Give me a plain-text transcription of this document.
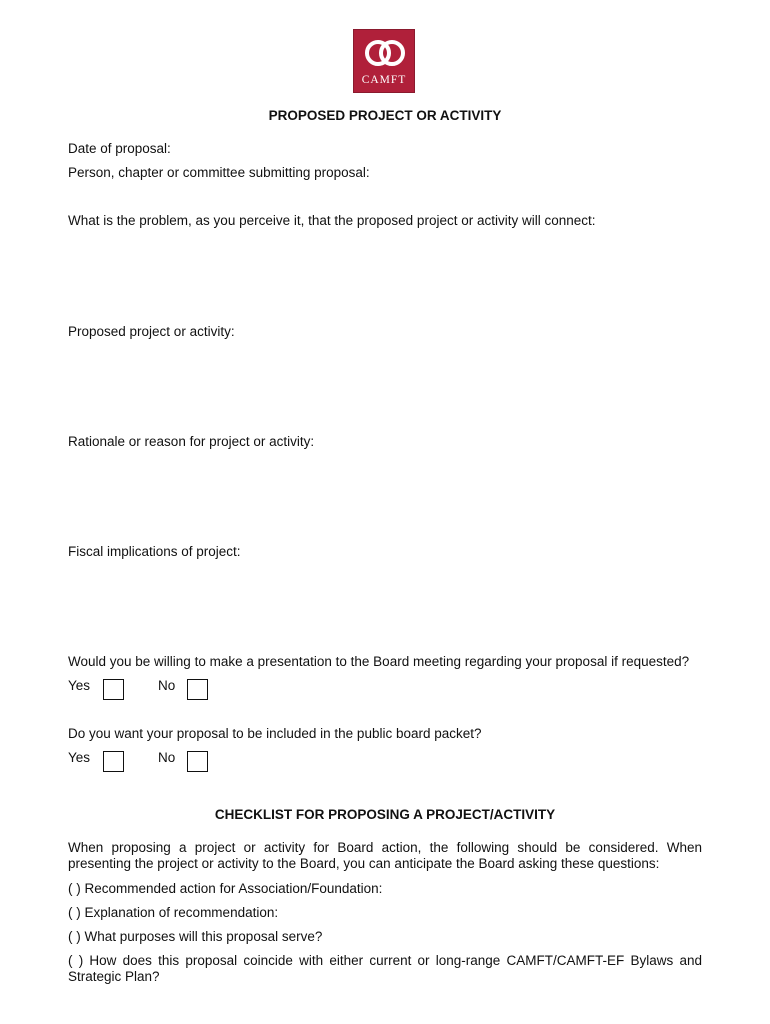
CAMFT
PROPOSED PROJECT OR ACTIVITY
Date of proposal:
Person, chapter or committee submitting proposal:
What is the problem, as you perceive it, that the proposed project or activity will connect:
Proposed project or activity:
Rationale or reason for project or activity:
Fiscal implications of project:
Would you be willing to make a presentation to the Board meeting regarding your proposal if requested?
Yes	No
Do you want your proposal to be included in the public board packet?
Yes	No
CHECKLIST FOR PROPOSING A PROJECT/ACTIVITY
When proposing a project or activity for Board action, the following should be considered. When presenting the project or activity to the Board, you can anticipate the Board asking these questions:
( ) Recommended action for Association/Foundation:
( ) Explanation of recommendation:
( ) What purposes will this proposal serve?
( ) How does this proposal coincide with either current or long-range CAMFT/CAMFT-EF Bylaws and Strategic Plan?
